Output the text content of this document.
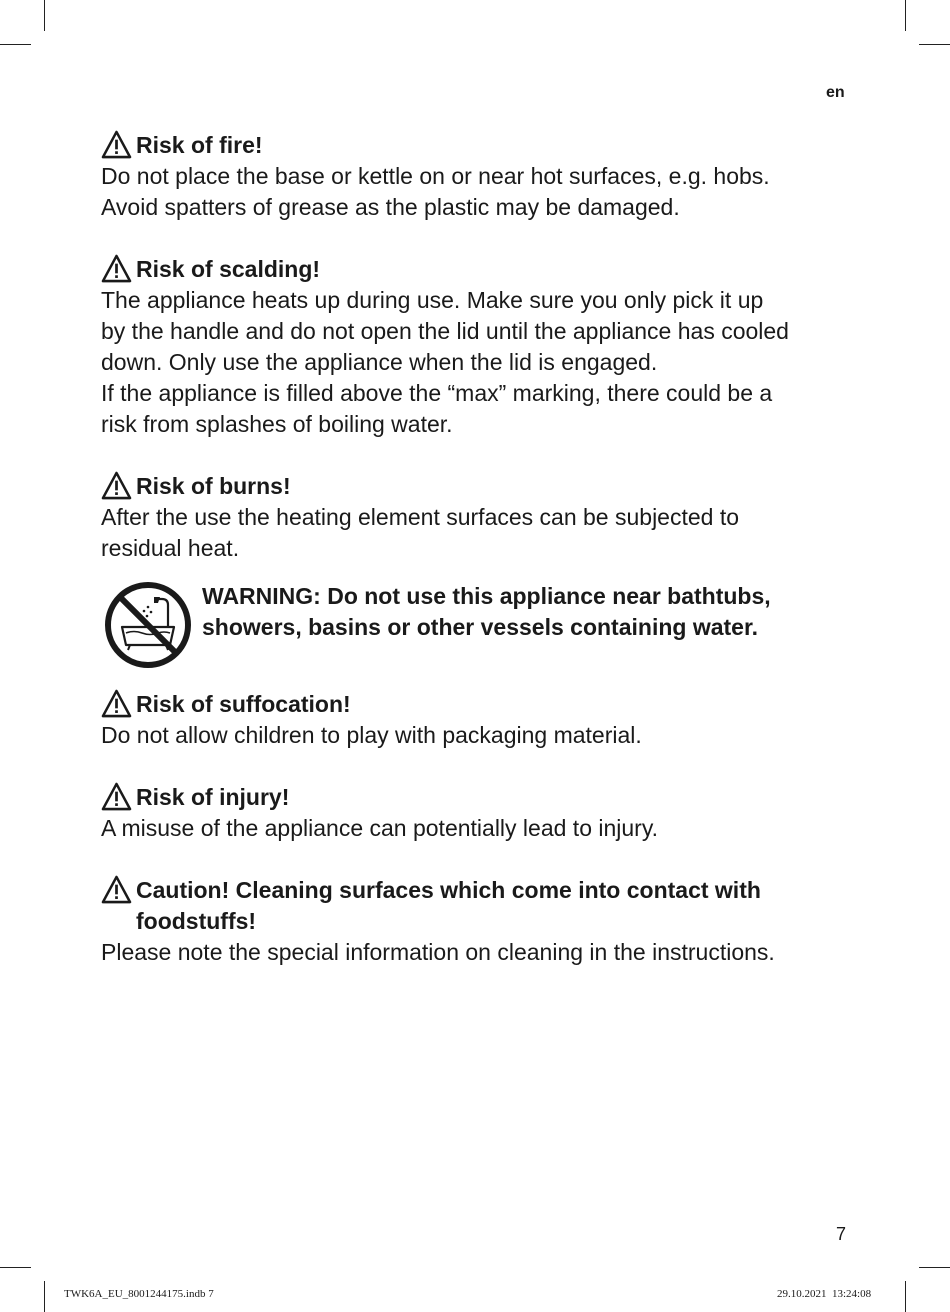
en
Risk of fire!

Do not place the base or kettle on or near hot surfaces, e.g. hobs.

Avoid spatters of grease as the plastic may be damaged.

Risk of scalding!

The appliance heats up during use. Make sure you only pick it up

by the handle and do not open the lid until the appliance has cooled

down. Only use the appliance when the lid is engaged.

If the appliance is filled above the “max” marking, there could be a

risk from splashes of boiling water.

Risk of burns!

After the use the heating element surfaces can be subjected to

residual heat.

WARNING: Do not use this appliance near bathtubs,
showers, basins or other vessels containing water.
Risk of suffocation!

Do not allow children to play with packaging material.

Risk of injury!

A misuse of the appliance can potentially lead to injury.

Caution! Cleaning surfaces which come into contact with
foodstuffs!

Please note the special information on cleaning in the instructions.

7
TWK6A_EU_8001244175.indb 7	29.10.2021 13:24:08
